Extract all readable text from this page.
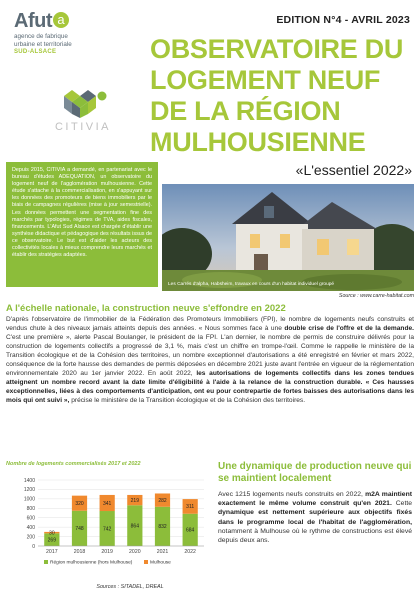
Afut a
agence de fabrique
urbaine et territoriale
SUD-ALSACE
CITIVIA
EDITION N°4 - AVRIL 2023
OBSERVATOIRE DU
LOGEMENT NEUF
DE LA RÉGION
MULHOUSIENNE
«L'essentiel 2022»

Depuis 2015, CITIVIA a demandé, en partenariat avec le bureau d'études ADEQUATION, un observatoire du logement neuf de l'agglomération mulhousienne. Cette étude s'attache à la commercialisation, en s'appuyant sur les données des promoteurs de biens immobiliers par le biais de campagnes régulières (mise à jour semestrielle). Les données permettent une segmentation fine des marchés par typologies, régimes de TVA, aides fiscales, financements. L'Afut Sud Alsace est chargée d'établir une synthèse didactique et pédagogique des résultats issus de ce observatoire. Le but est d'aider les acteurs des collectivités locales à mieux comprendre leurs marchés et établir des stratégies adaptées.

Les Carrés d'alpha, Habsheim, travaux en cours d'un habitat individuel groupé
Source : www.carre-habitat.com
A l'échelle nationale, la construction neuve s'effondre en 2022
D'après l'observatoire de l'immobilier de la Fédération des Promoteurs Immobiliers (FPI), le nombre de logements neufs construits et vendus chute à des niveaux jamais atteints depuis des années. « Nous sommes face à une double crise de l'offre et de la demande. C'est une première », alerte Pascal Boulanger, le président de la FPI. L'an dernier, le nombre de permis de construire délivrés pour la construction de logements collectifs a progressé de 3,1 %, mais c'est un chiffre en trompe-l'œil. Comme le rappelle le ministère de la Transition écologique et de la Cohésion des territoires, un nombre exceptionnel d'autorisations a été enregistré en février et mars 2022, conséquence de la forte hausse des demandes de permis déposées en décembre 2021 juste avant l'entrée en vigueur de la réglementation environnementale 2020 au 1er janvier 2022. En août 2022, les autorisations de logements collectifs dans les zones tendues atteignent un nombre record avant la date limite d'éligibilité à l'aide à la relance de la construction durable. « Ces hausses exceptionnelles, liées à des comportements d'anticipation, ont eu pour contrepartie de fortes baisses des autorisations dans les mois qui ont suivi », précise le ministère de la Transition écologique et de la Cohésion des territoires.
Nombre de logements commercialisés 2017 et 2022
0
200
400
600
800
1000
1200
1400
269
30
2017
748
320
2018
742
341
2019
864
219
2020
832
282
2021
684
311
2022
Région mulhousienne (hors Mulhouse)	Mulhouse
Sources : SITADEL, DREAL
Une dynamique de production neuve qui se maintient localement
Avec 1215 logements neufs construits en 2022, m2A maintient exactement le même volume construit qu'en 2021. Cette dynamique est nettement supérieure aux objectifs fixés dans le programme local de l'habitat de l'agglomération, notamment à Mulhouse où le rythme de constructions est élevé depuis deux ans.
